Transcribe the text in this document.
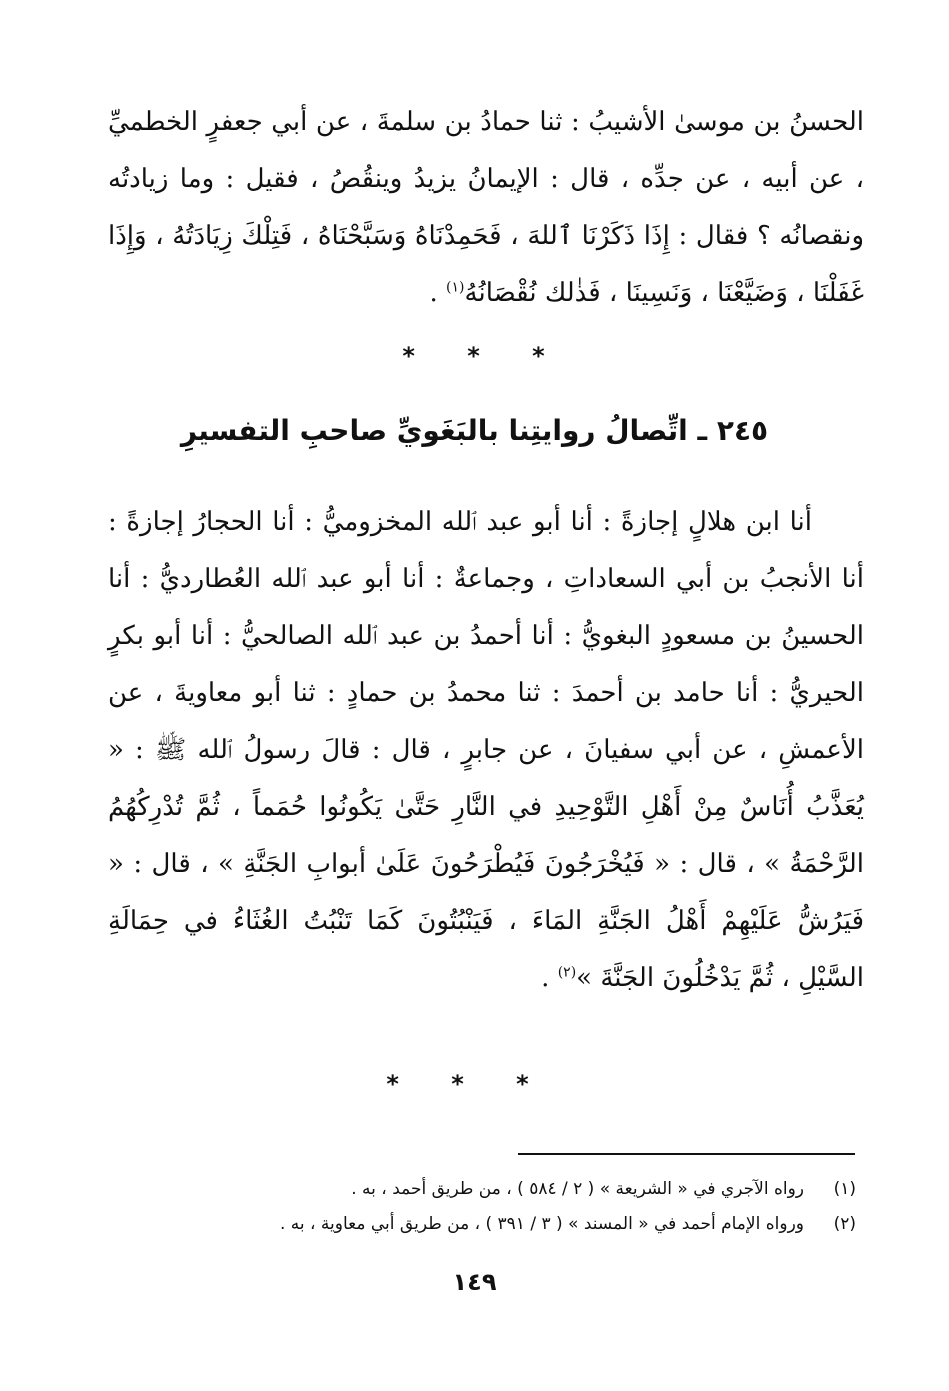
الحسنُ بن موسىٰ الأشيبُ : ثنا حمادُ بن سلمةَ ، عن أبي جعفرٍ الخطميِّ ، عن أبيه ، عن جدِّه ، قال : الإيمانُ يزيدُ وينقُصُ ، فقيل : وما زيادتُه ونقصانُه ؟ فقال : إِذَا ذَكَرْنَا ٱللهَ ، فَحَمِدْنَاهُ وَسَبَّحْنَاهُ ، فَتِلْكَ زِيَادَتُهُ ، وَإِذَا غَفَلْنَا ، وَضَيَّعْنَا ، وَنَسِينَا ، فَذٰلك نُقْصَانُهُ$^{(١)}$ .

* * *
٢٤٥ ـ اتِّصالُ روايتِنا بالبَغَويِّ صاحبِ التفسيرِ

أنا ابن هلالٍ إجازةً : أنا أبو عبد ٱلله المخزوميُّ : أنا الحجارُ إجازةً : أنا الأنجبُ بن أبي السعاداتِ ، وجماعةٌ : أنا أبو عبد ٱلله العُطارديُّ : أنا الحسينُ بن مسعودٍ البغويُّ : أنا أحمدُ بن عبد ٱلله الصالحيُّ : أنا أبو بكرٍ الحيريُّ : أنا حامد بن أحمدَ : ثنا محمدُ بن حمادٍ : ثنا أبو معاويةَ ، عن الأعمشِ ، عن أبي سفيانَ ، عن جابرٍ ، قال : قالَ رسولُ ٱلله ﷺ : « يُعَذَّبُ أُنَاسٌ مِنْ أَهْلِ التَّوْحِيدِ في النَّارِ حَتَّىٰ يَكُونُوا حُمَماً ، ثُمَّ تُدْرِكُهُمُ الرَّحْمَةُ » ، قال : « فَيُخْرَجُونَ فَيُطْرَحُونَ عَلَىٰ أبوابِ الجَنَّةِ » ، قال : « فَيَرُشُّ عَلَيْهِمْ أَهْلُ الجَنَّةِ المَاءَ ، فَيَنْبُتُونَ كَمَا تَنْبُتُ الغُثَاءُ في حِمَالَةِ السَّيْلِ ، ثُمَّ يَدْخُلُونَ الجَنَّةَ »$^{(٢)}$ .

* * *
(١)
رواه الآجري في « الشريعة » ( ٢ / ٥٨٤ ) ، من طريق أحمد ، به .
(٢)
ورواه الإمام أحمد في « المسند » ( ٣ / ٣٩١ ) ، من طريق أبي معاوية ، به .
١٤٩
